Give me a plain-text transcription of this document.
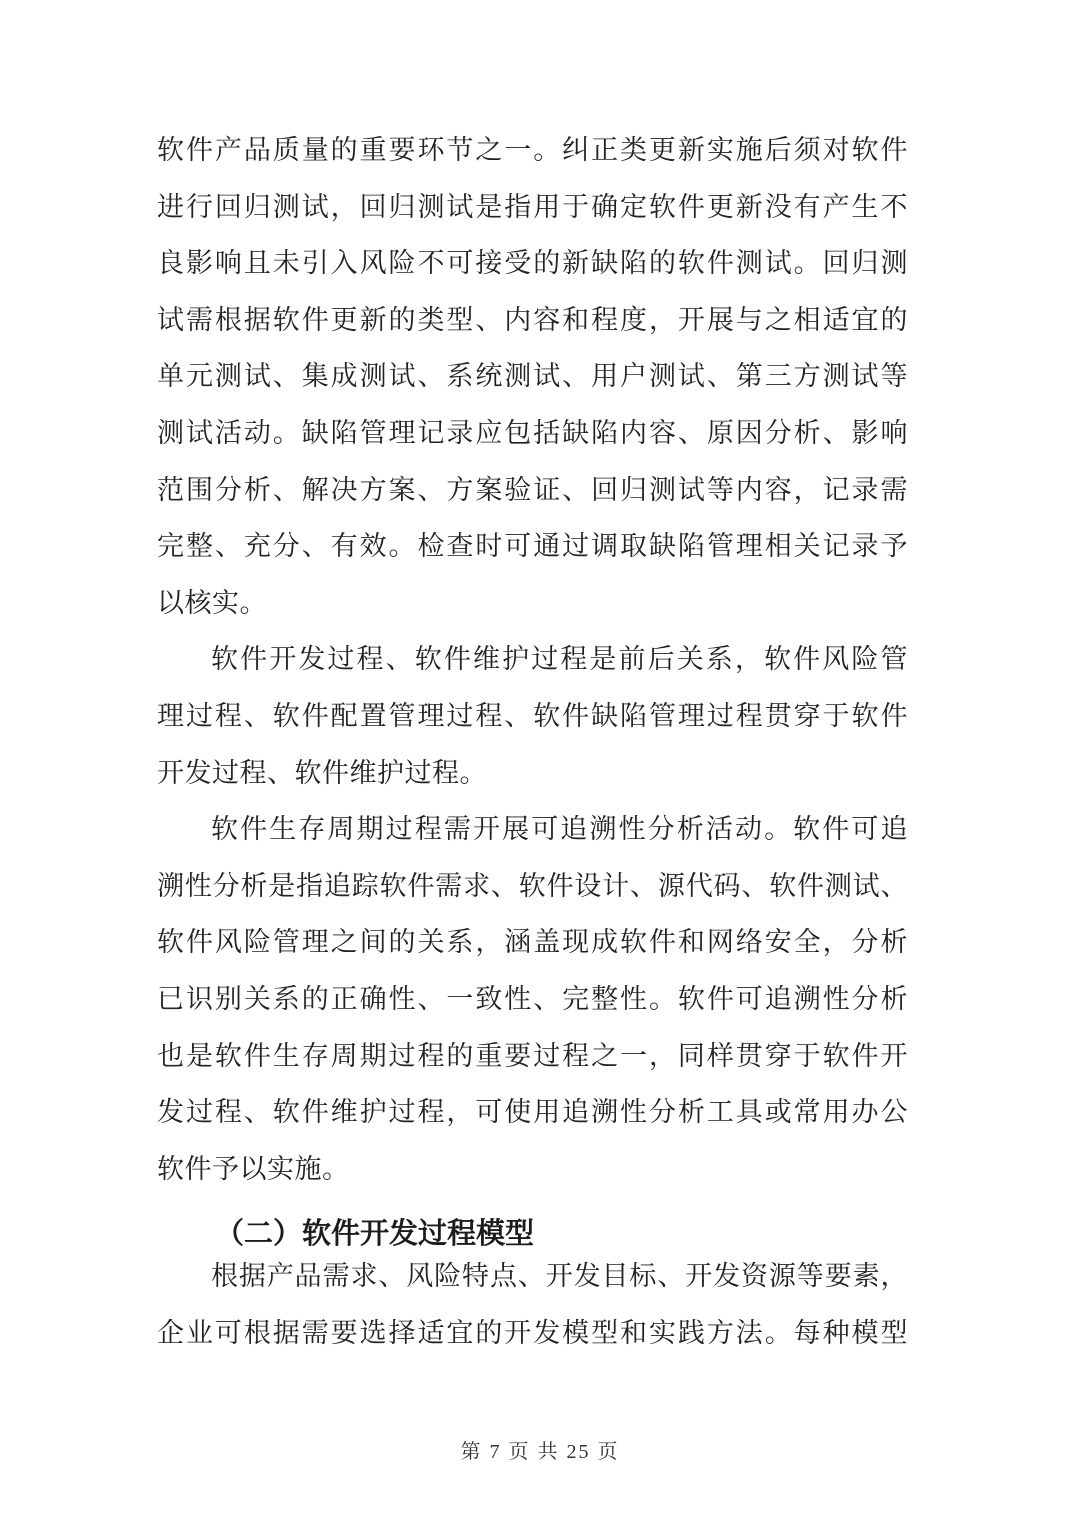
软件产品质量的重要环节之一。纠正类更新实施后须对软件

进行回归测试，回归测试是指用于确定软件更新没有产生不

良影响且未引入风险不可接受的新缺陷的软件测试。回归测

试需根据软件更新的类型、内容和程度，开展与之相适宜的

单元测试、集成测试、系统测试、用户测试、第三方测试等

测试活动。缺陷管理记录应包括缺陷内容、原因分析、影响

范围分析、解决方案、方案验证、回归测试等内容，记录需

完整、充分、有效。检查时可通过调取缺陷管理相关记录予

以核实。

软件开发过程、软件维护过程是前后关系，软件风险管

理过程、软件配置管理过程、软件缺陷管理过程贯穿于软件

开发过程、软件维护过程。

软件生存周期过程需开展可追溯性分析活动。软件可追

溯性分析是指追踪软件需求、软件设计、源代码、软件测试、

软件风险管理之间的关系，涵盖现成软件和网络安全，分析

已识别关系的正确性、一致性、完整性。软件可追溯性分析

也是软件生存周期过程的重要过程之一，同样贯穿于软件开

发过程、软件维护过程，可使用追溯性分析工具或常用办公

软件予以实施。

（二）软件开发过程模型

根据产品需求、风险特点、开发目标、开发资源等要素，

企业可根据需要选择适宜的开发模型和实践方法。每种模型

第 7 页 共 25 页
